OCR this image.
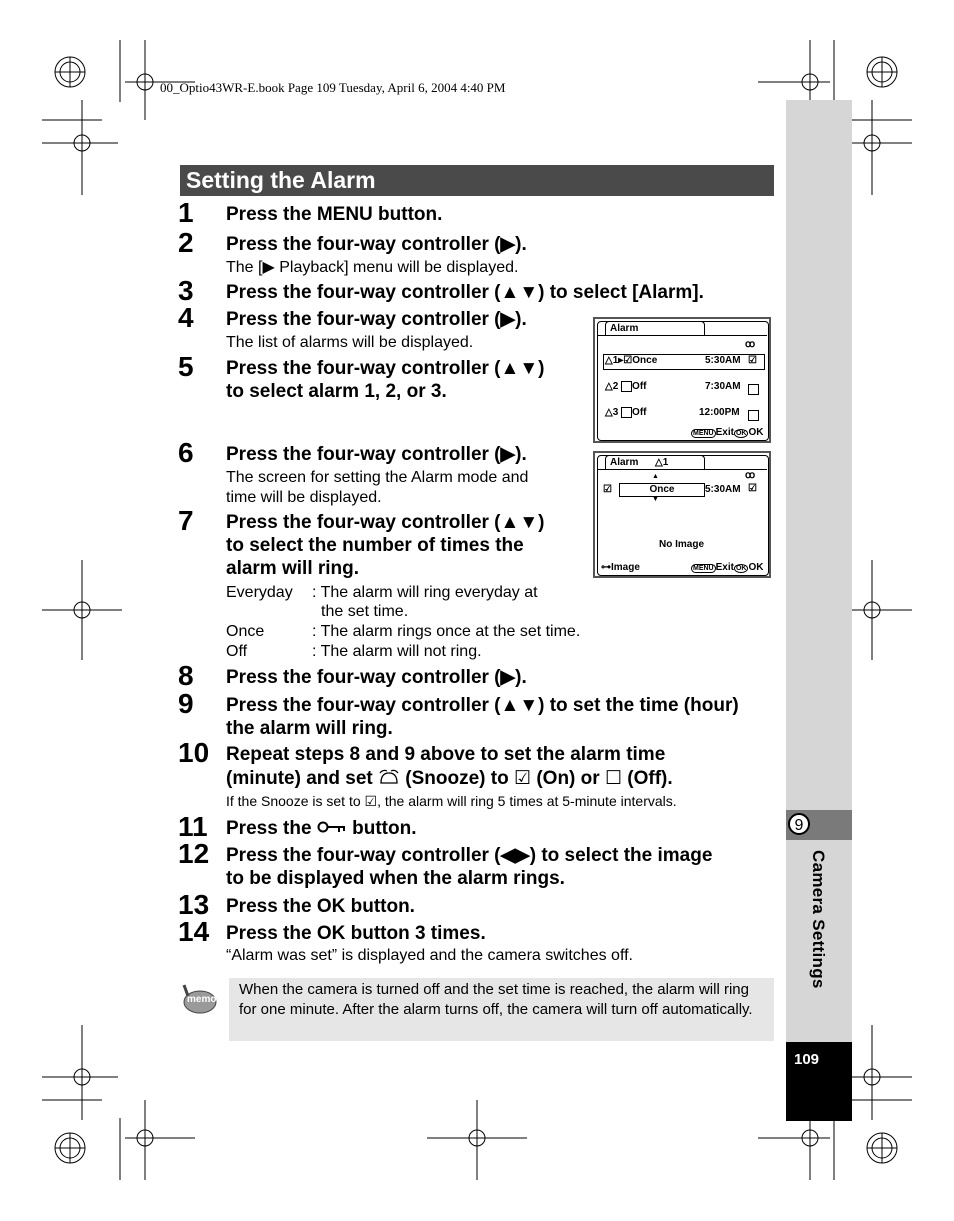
00_Optio43WR-E.book Page 109 Tuesday, April 6, 2004 4:40 PM
9
Camera Settings
109
Setting the Alarm
1 Press the MENU button.
2 Press the four-way controller (▶).
The [▶ Playback] menu will be displayed.
3 Press the four-way controller (▲▼) to select [Alarm].
4 Press the four-way controller (▶).
The list of alarms will be displayed.
5 Press the four-way controller (▲▼)
to select alarm 1, 2, or 3.
6 Press the four-way controller (▶).
The screen for setting the Alarm mode and
time will be displayed.
7 Press the four-way controller (▲▼)
to select the number of times the
alarm will ring.
Everyday : The alarm will ring everyday at
the set time.
Once	: The alarm rings once at the set time.
Off	: The alarm will not ring.
8 Press the four-way controller (▶).
9 Press the four-way controller (▲▼) to set the time (hour)
the alarm will ring.
10 Repeat steps 8 and 9 above to set the alarm time
(minute) and set (Snooze) to ☑ (On) or ☐ (Off).
If the Snooze is set to ☑, the alarm will ring 5 times at 5-minute intervals.
11 Press the button.
12 Press the four-way controller (◀▶) to select the image
to be displayed when the alarm rings.
13 Press the OK button.
14 Press the OK button 3 times.
“Alarm was set” is displayed and the camera switches off.
memo
When the camera is turned off and the set time is reached, the alarm will ring for one minute. After the alarm turns off, the camera will turn off automatically.
Alarm
ꝏ
△1▸☑Once	5:30AM ☑
△2 Off	7:30AM
△3 Off	12:00PM
MENU Exit OK OK
Alarm △1
ꝏ
▲
☑	Once	5:30AM ☑
▼
No Image
⊶Image	MENU Exit OK OK
